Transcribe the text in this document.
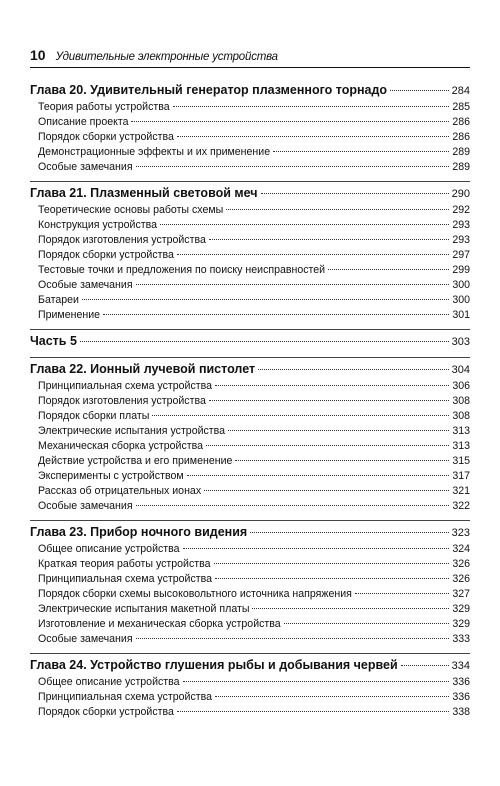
10 Удивительные электронные устройства
Глава 20. Удивительный генератор плазменного торнадо	284
Теория работы устройства	285
Описание проекта	286
Порядок сборки устройства	286
Демонстрационные эффекты и их применение	289
Особые замечания	289
Глава 21. Плазменный световой меч	290
Теоретические основы работы схемы	292
Конструкция устройства	293
Порядок изготовления устройства	293
Порядок сборки устройства	297
Тестовые точки и предложения по поиску неисправностей	299
Особые замечания	300
Батареи	300
Применение	301
Часть 5	303
Глава 22. Ионный лучевой пистолет	304
Принципиальная схема устройства	306
Порядок изготовления устройства	308
Порядок сборки платы	308
Электрические испытания устройства	313
Механическая сборка устройства	313
Действие устройства и его применение	315
Эксперименты с устройством	317
Рассказ об отрицательных ионах	321
Особые замечания	322
Глава 23. Прибор ночного видения	323
Общее описание устройства	324
Краткая теория работы устройства	326
Принципиальная схема устройства	326
Порядок сборки схемы высоковольтного источника напряжения	327
Электрические испытания макетной платы	329
Изготовление и механическая сборка устройства	329
Особые замечания	333
Глава 24. Устройство глушения рыбы и добывания червей	334
Общее описание устройства	336
Принципиальная схема устройства	336
Порядок сборки устройства	338
